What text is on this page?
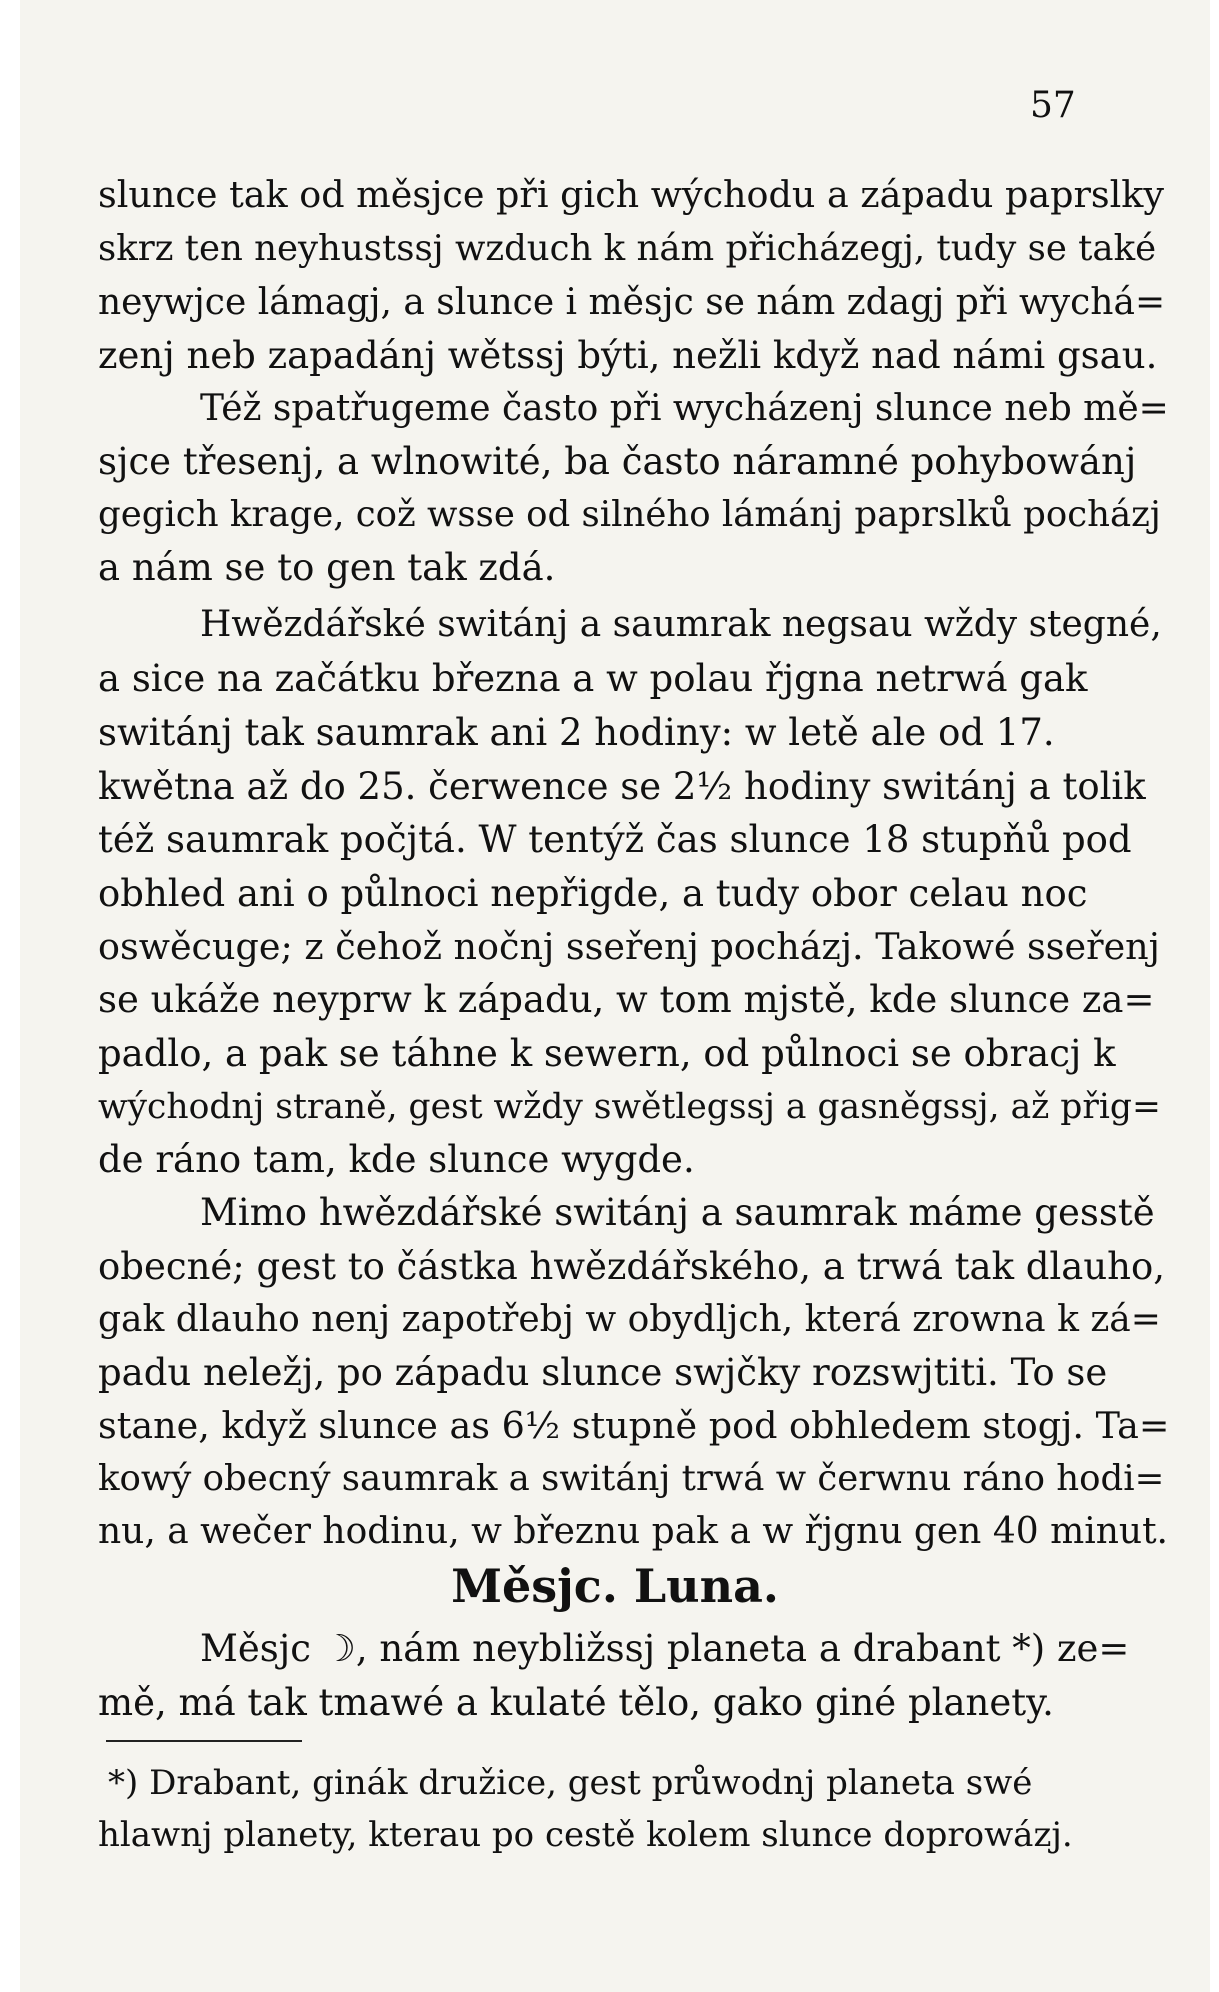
57
slunce tak od měsjce při gich wýchodu a západu paprslky
skrz ten neyhustssj wzduch k nám přicházegj, tudy se také
neywjce lámagj, a slunce i měsjc se nám zdagj při wychá=
zenj neb zapadánj wětssj býti, nežli když nad námi gsau.
Též spatřugeme často při wycházenj slunce neb mě=
sjce třesenj, a wlnowité, ba často náramné pohybowánj
gegich krage, což wsse od silného lámánj paprslků pocházj
a nám se to gen tak zdá.
Hwězdářské switánj a saumrak negsau wždy stegné,
a sice na začátku března a w polau řjgna netrwá gak
switánj tak saumrak ani 2 hodiny: w letě ale od 17.
kwětna až do 25. čerwence se 2½ hodiny switánj a tolik
též saumrak počjtá. W tentýž čas slunce 18 stupňů pod
obhled ani o půlnoci nepřigde, a tudy obor celau noc
oswěcuge; z čehož nočnj sseřenj pocházj. Takowé sseřenj
se ukáže neyprw k západu, w tom mjstě, kde slunce za=
padlo, a pak se táhne k sewern, od půlnoci se obracj k
wýchodnj straně, gest wždy swětlegssj a gasněgssj, až přig=
de ráno tam, kde slunce wygde.
Mimo hwězdářské switánj a saumrak máme gesstě
obecné; gest to částka hwězdářského, a trwá tak dlauho,
gak dlauho nenj zapotřebj w obydljch, která zrowna k zá=
padu neležj, po západu slunce swjčky rozswjtiti. To se
stane, když slunce as 6½ stupně pod obhledem stogj. Ta=
kowý obecný saumrak a switánj trwá w čerwnu ráno hodi=
nu, a wečer hodinu, w březnu pak a w řjgnu gen 40 minut.
Měsjc. Luna.
Měsjc ☽, nám neybližssj planeta a drabant *) ze=
mě, má tak tmawé a kulaté tělo, gako giné planety.
*) Drabant, ginák družice, gest průwodnj planeta swé
hlawnj planety, kterau po cestě kolem slunce doprowázj.
